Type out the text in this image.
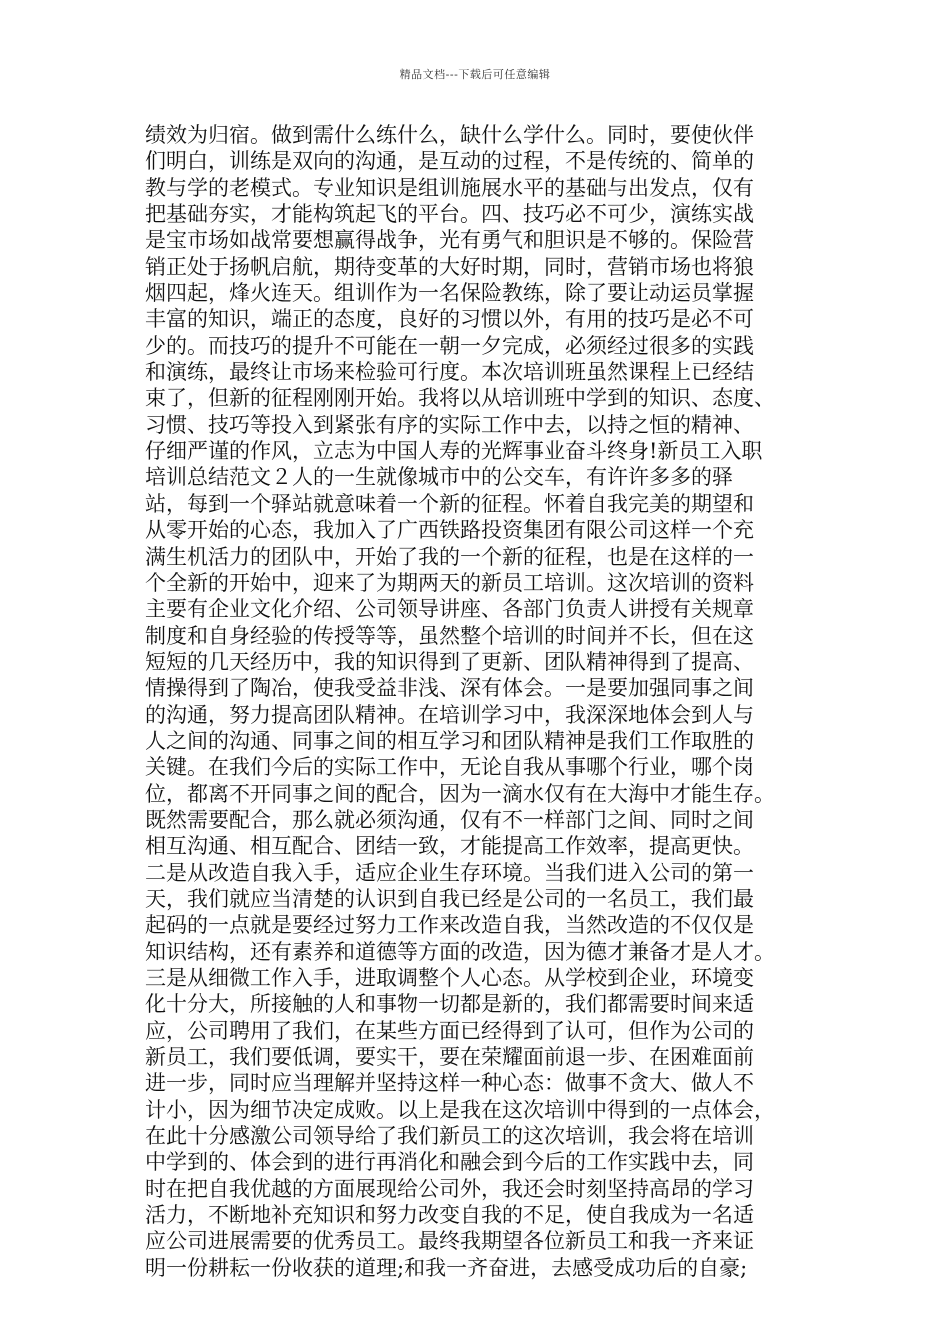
精品文档---下载后可任意编辑

绩效为归宿。做到需什么练什么，缺什么学什么。同时，要使伙伴
们明白，训练是双向的沟通，是互动的过程，不是传统的、简单的
教与学的老模式。专业知识是组训施展水平的基础与出发点，仅有
把基础夯实，才能构筑起飞的平台。四、技巧必不可少，演练实战
是宝市场如战常要想赢得战争，光有勇气和胆识是不够的。保险营
销正处于扬帆启航，期待变革的大好时期，同时，营销市场也将狼
烟四起，烽火连天。组训作为一名保险教练，除了要让动运员掌握
丰富的知识，端正的态度，良好的习惯以外，有用的技巧是必不可
少的。而技巧的提升不可能在一朝一夕完成，必须经过很多的实践
和演练，最终让市场来检验可行度。本次培训班虽然课程上已经结
束了，但新的征程刚刚开始。我将以从培训班中学到的知识、态度、
习惯、技巧等投入到紧张有序的实际工作中去，以持之恒的精神、
仔细严谨的作风，立志为中国人寿的光辉事业奋斗终身!新员工入职
培训总结范文２人的一生就像城市中的公交车，有许许多多的驿
站，每到一个驿站就意味着一个新的征程。怀着自我完美的期望和
从零开始的心态，我加入了广西铁路投资集团有限公司这样一个充
满生机活力的团队中，开始了我的一个新的征程，也是在这样的一
个全新的开始中，迎来了为期两天的新员工培训。这次培训的资料
主要有企业文化介绍、公司领导讲座、各部门负责人讲授有关规章
制度和自身经验的传授等等，虽然整个培训的时间并不长，但在这
短短的几天经历中，我的知识得到了更新、团队精神得到了提高、
情操得到了陶冶，使我受益非浅、深有体会。一是要加强同事之间
的沟通，努力提高团队精神。在培训学习中，我深深地体会到人与
人之间的沟通、同事之间的相互学习和团队精神是我们工作取胜的
关键。在我们今后的实际工作中，无论自我从事哪个行业，哪个岗
位，都离不开同事之间的配合，因为一滴水仅有在大海中才能生存。
既然需要配合，那么就必须沟通，仅有不一样部门之间、同时之间
相互沟通、相互配合、团结一致，才能提高工作效率，提高更快。
二是从改造自我入手，适应企业生存环境。当我们进入公司的第一
天，我们就应当清楚的认识到自我已经是公司的一名员工，我们最
起码的一点就是要经过努力工作来改造自我，当然改造的不仅仅是
知识结构，还有素养和道德等方面的改造，因为德才兼备才是人才。
三是从细微工作入手，进取调整个人心态。从学校到企业，环境变
化十分大，所接触的人和事物一切都是新的，我们都需要时间来适
应，公司聘用了我们，在某些方面已经得到了认可，但作为公司的
新员工，我们要低调，要实干，要在荣耀面前退一步、在困难面前
进一步，同时应当理解并坚持这样一种心态：做事不贪大、做人不
计小，因为细节决定成败。以上是我在这次培训中得到的一点体会，
在此十分感激公司领导给了我们新员工的这次培训，我会将在培训
中学到的、体会到的进行再消化和融会到今后的工作实践中去，同
时在把自我优越的方面展现给公司外，我还会时刻坚持高昂的学习
活力，不断地补充知识和努力改变自我的不足，使自我成为一名适
应公司进展需要的优秀员工。最终我期望各位新员工和我一齐来证
明一份耕耘一份收获的道理;和我一齐奋进，去感受成功后的自豪;
